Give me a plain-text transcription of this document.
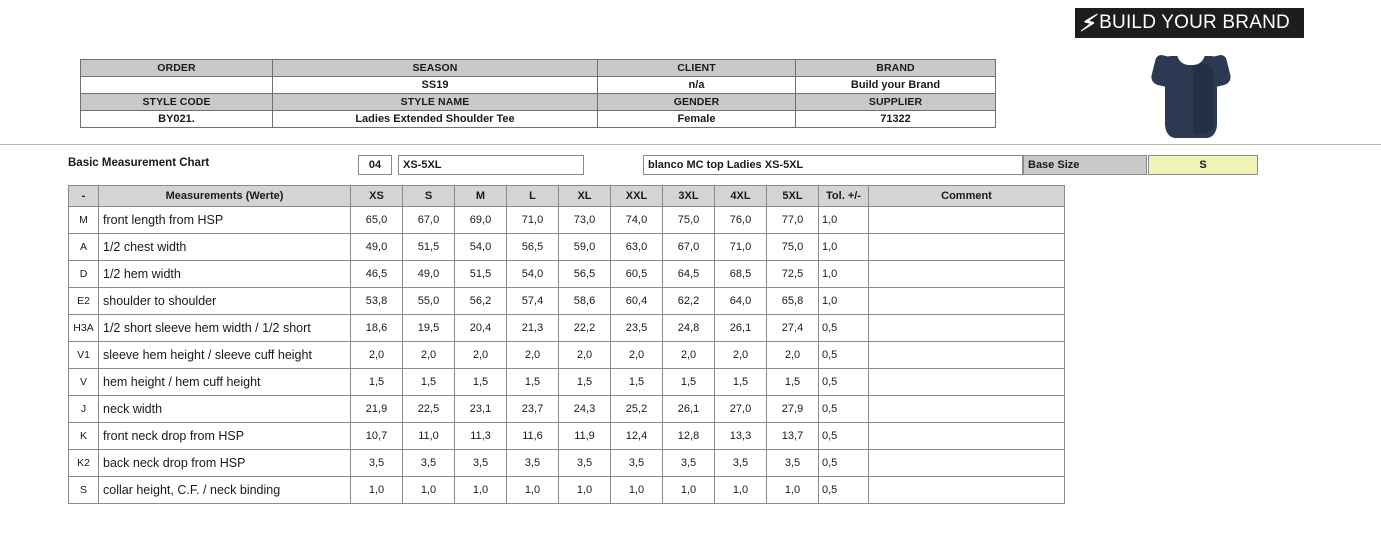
⚡︎ BUILD YOUR BRAND
ORDER	SEASON	CLIENT	BRAND
	SS19	n/a	Build your Brand
STYLE CODE	STYLE NAME	GENDER	SUPPLIER
BY021.	Ladies Extended Shoulder Tee	Female	71322
Basic Measurement Chart	04	XS-5XL	blanco MC top Ladies XS-5XL	Base Size	S
-	Measurements (Werte)	XS	S	M	L	XL	XXL	3XL	4XL	5XL	Tol. +/-	Comment
M	front length from HSP	65,0	67,0	69,0	71,0	73,0	74,0	75,0	76,0	77,0	1,0	
A	1/2 chest width	49,0	51,5	54,0	56,5	59,0	63,0	67,0	71,0	75,0	1,0	
D	1/2 hem width	46,5	49,0	51,5	54,0	56,5	60,5	64,5	68,5	72,5	1,0	
E2	shoulder to shoulder	53,8	55,0	56,2	57,4	58,6	60,4	62,2	64,0	65,8	1,0	
H3A	1/2 short sleeve hem width / 1/2 short	18,6	19,5	20,4	21,3	22,2	23,5	24,8	26,1	27,4	0,5	
V1	sleeve hem height / sleeve cuff height	2,0	2,0	2,0	2,0	2,0	2,0	2,0	2,0	2,0	0,5	
V	hem height / hem cuff height	1,5	1,5	1,5	1,5	1,5	1,5	1,5	1,5	1,5	0,5	
J	neck width	21,9	22,5	23,1	23,7	24,3	25,2	26,1	27,0	27,9	0,5	
K	front neck drop from HSP	10,7	11,0	11,3	11,6	11,9	12,4	12,8	13,3	13,7	0,5	
K2	back neck drop from HSP	3,5	3,5	3,5	3,5	3,5	3,5	3,5	3,5	3,5	0,5	
S	collar height, C.F. / neck binding	1,0	1,0	1,0	1,0	1,0	1,0	1,0	1,0	1,0	0,5	
